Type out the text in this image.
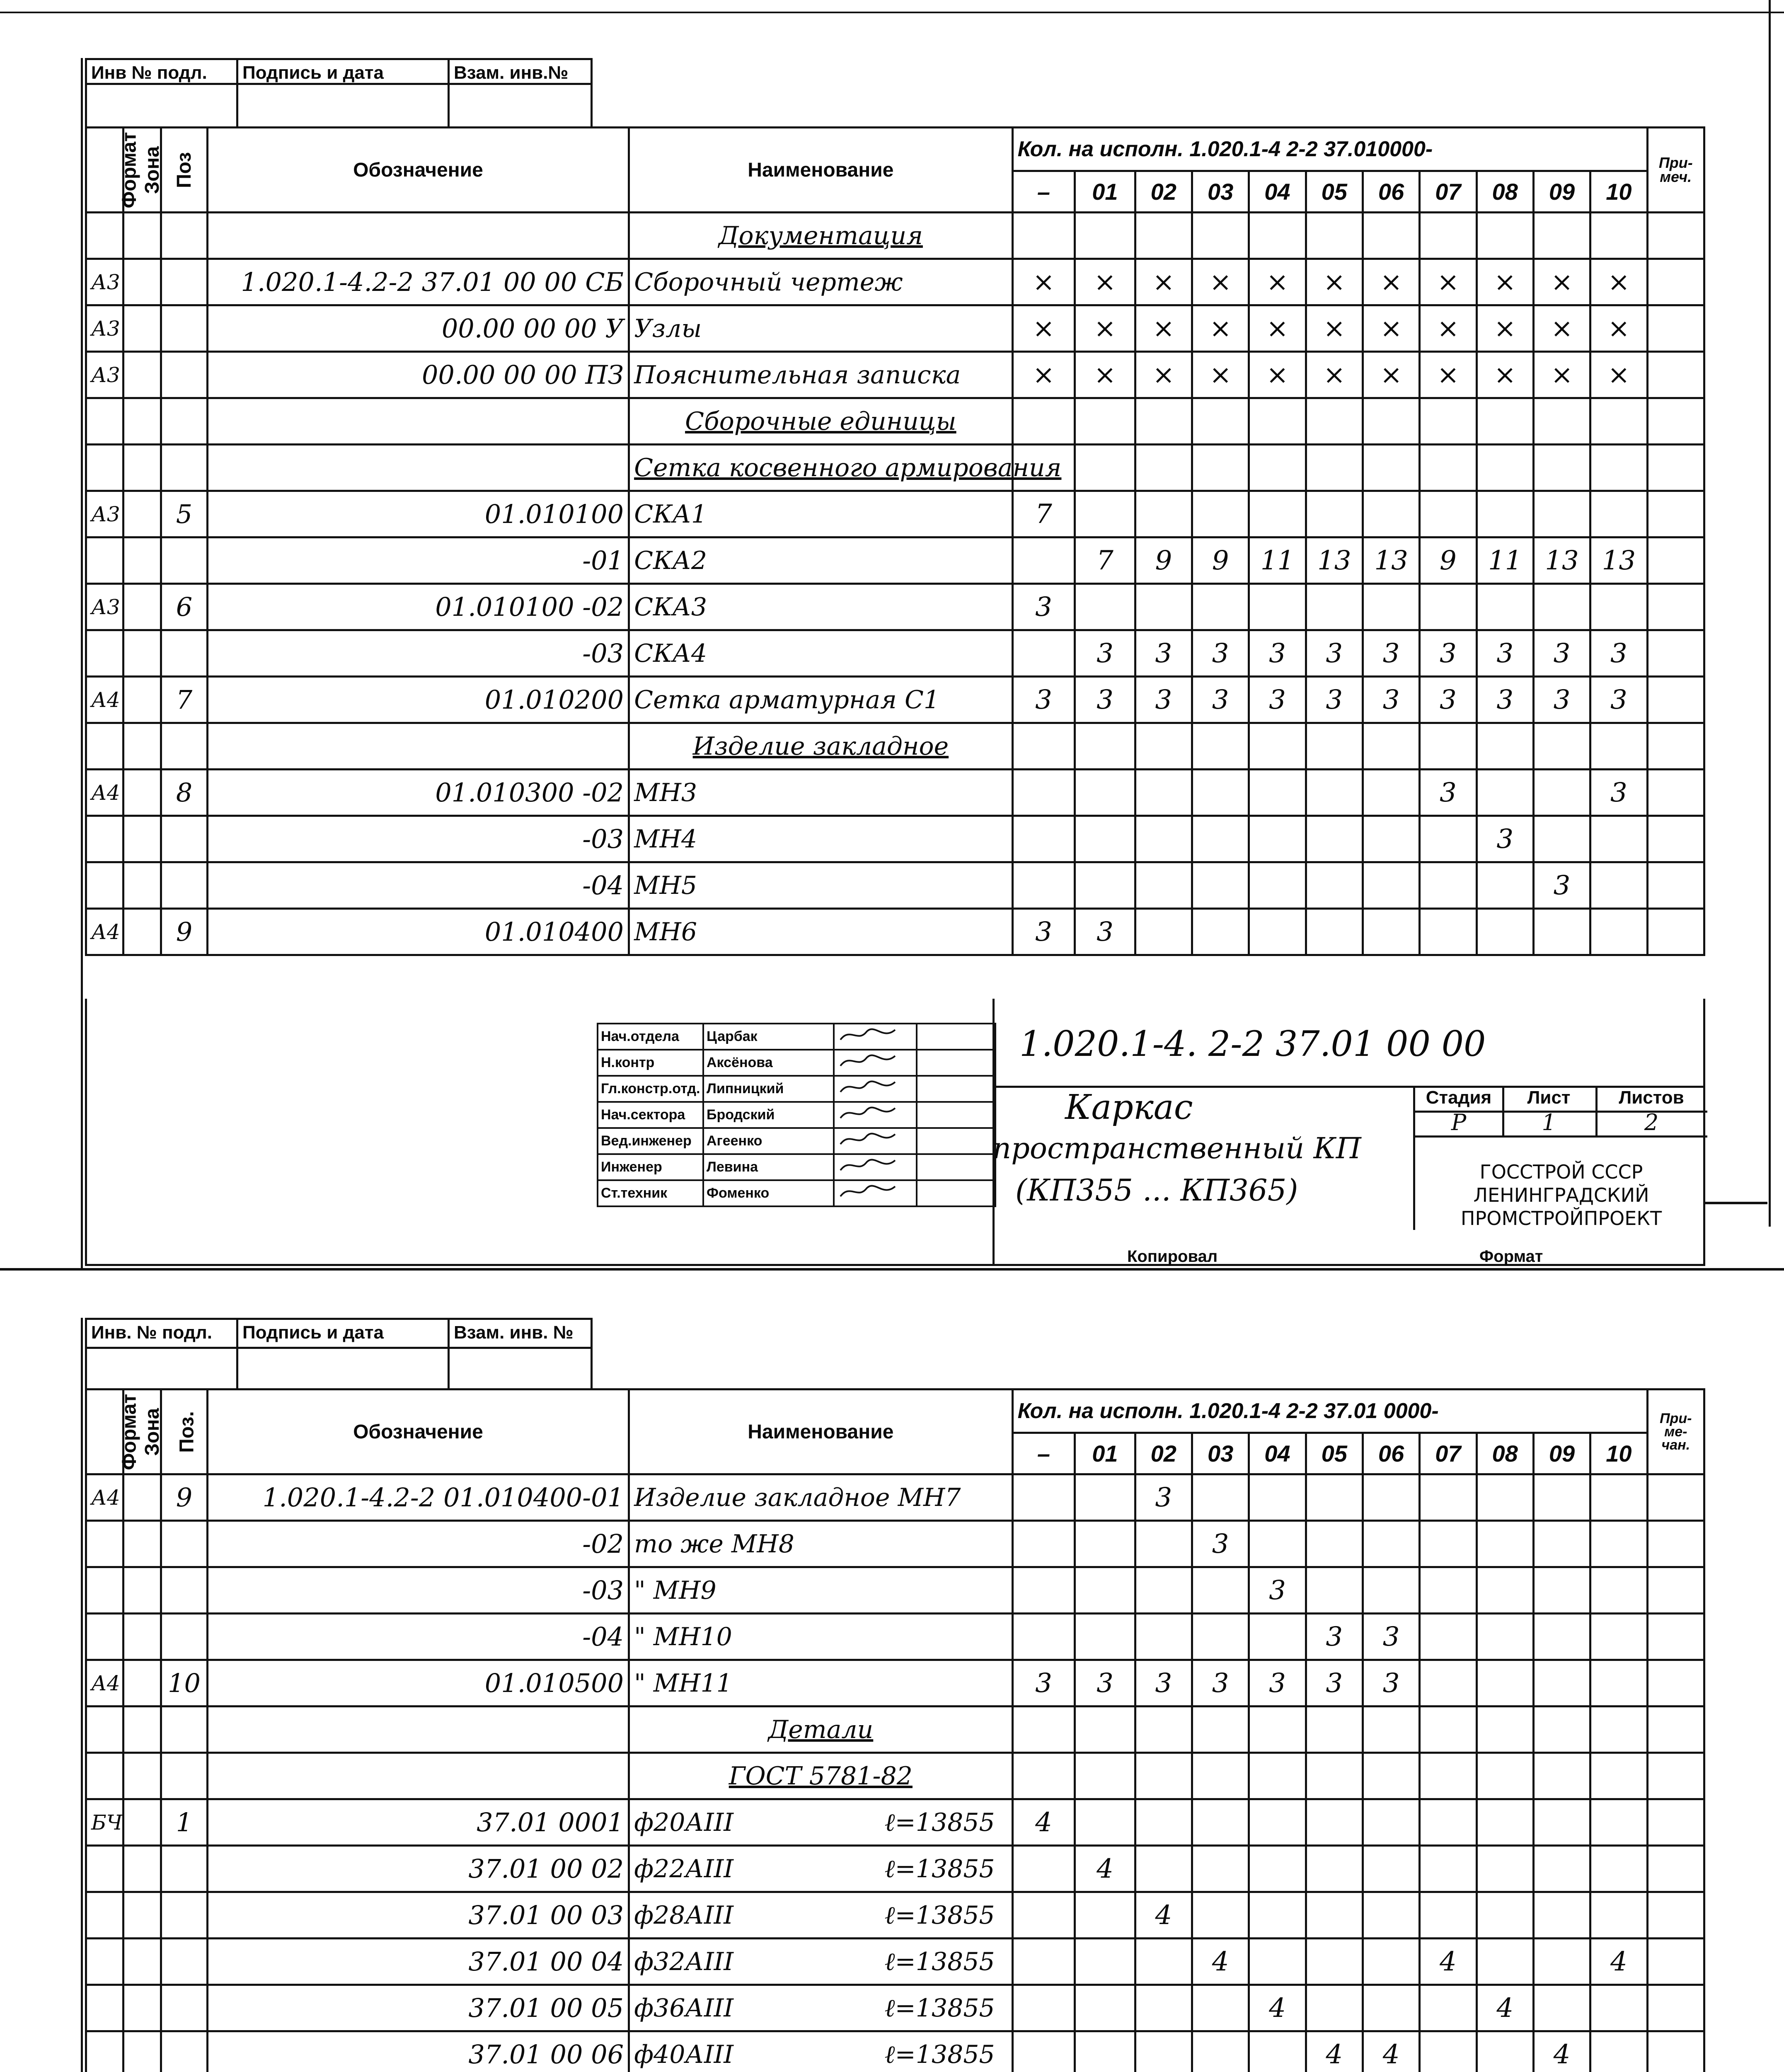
Инв № подл.	Подпись и дата	Взам. инв.№
Формат	Зона	Поз	Обозначение	Наименование	Кол. на исполн. 1.020.1-4 2-2 37.010000-											При- меч.
					–	01	02	03	04	05	06	07	08	09	10	
				Документация												
А3			1.020.1-4.2-2 37.01 00 00 СБ	Сборочный чертеж	×	×	×	×	×	×	×	×	×	×	×	
А3			00.00 00 00 У	Узлы	×	×	×	×	×	×	×	×	×	×	×	
А3			00.00 00 00 ПЗ	Пояснительная записка	×	×	×	×	×	×	×	×	×	×	×	
				Сборочные единицы												
				Сетка косвенного армирования												
А3		5	01.010100	СКА1	7											
			-01	СКА2		7	9	9	11	13	13	9	11	13	13	
А3		6	01.010100 -02	СКА3	3											
			-03	СКА4		3	3	3	3	3	3	3	3	3	3	
А4		7	01.010200	Сетка арматурная С1	3	3	3	3	3	3	3	3	3	3	3	
				Изделие закладное												
А4		8	01.010300 -02	МН3								3			3	
			-03	МН4									3			
			-04	МН5										3		
А4		9	01.010400	МН6	3	3										
Нач.отдела	Царбак		
Н.контр	Аксёнова		
Гл.констр.отд.	Липницкий		
Нач.сектора	Бродский		
Вед.инженер	Агеенко		
Инженер	Левина		
Ст.техник	Фоменко		
1.020.1-4. 2-2 37.01 00 00
Каркас
пространственный КП
(КП355 ... КП365)
Стадия	Лист	Листов
Р	1	2
ГОССТРОЙ СССР
ЛЕНИНГРАДСКИЙ
ПРОМСТРОЙПРОЕКТ
Копировал	Формат
Инв. № подл.	Подпись и дата	Взам. инв. №
Формат	Зона	Поз.	Обозначение	Наименование	Кол. на исполн. 1.020.1-4 2-2 37.01 0000-											При- ме- чан.
					–	01	02	03	04	05	06	07	08	09	10	
А4		9	1.020.1-4.2-2 01.010400-01	Изделие закладное МН7			3									
			-02	то же МН8				3								
			-03	" МН9					3							
			-04	" МН10						3	3					
А4		10	01.010500	" МН11	3	3	3	3	3	3	3					
				Детали												
				ГОСТ 5781-82												
БЧ		1	37.01 0001	ф20АIII ℓ=13855	4											
			37.01 00 02	ф22АIII ℓ=13855		4										
			37.01 00 03	ф28АIII ℓ=13855			4									
			37.01 00 04	ф32АIII ℓ=13855				4				4			4	
			37.01 00 05	ф36АIII ℓ=13855					4				4			
			37.01 00 06	ф40АIII ℓ=13855						4	4			4		
